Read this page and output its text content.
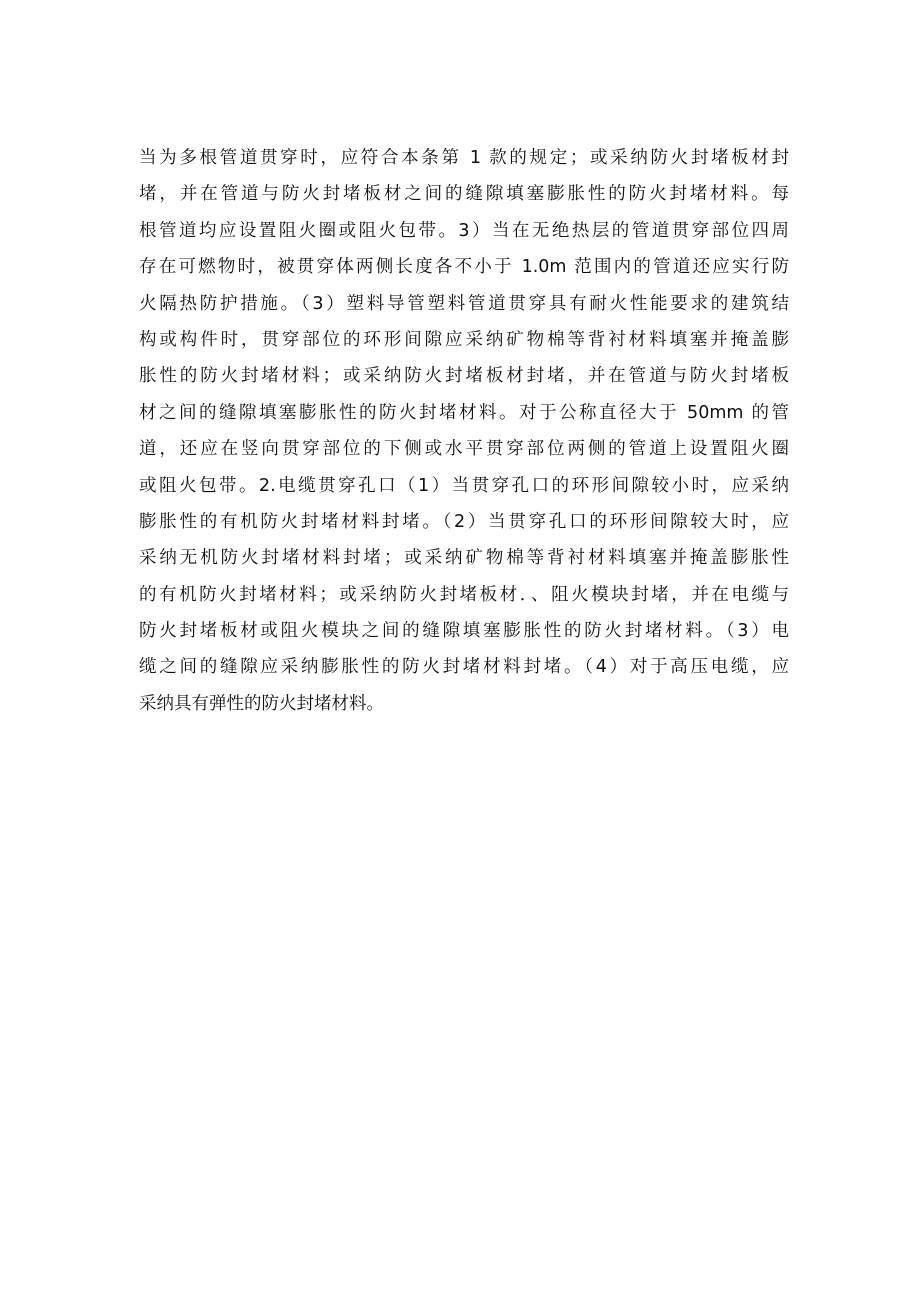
当为多根管道贯穿时，应符合本条第 1 款的规定；或采纳防火封堵板材封
堵，并在管道与防火封堵板材之间的缝隙填塞膨胀性的防火封堵材料。每
根管道均应设置阻火圈或阻火包带。3）当在无绝热层的管道贯穿部位四周
存在可燃物时，被贯穿体两侧长度各不小于 1.0m 范围内的管道还应实行防
火隔热防护措施。（3）塑料导管塑料管道贯穿具有耐火性能要求的建筑结
构或构件时，贯穿部位的环形间隙应采纳矿物棉等背衬材料填塞并掩盖膨
胀性的防火封堵材料；或采纳防火封堵板材封堵，并在管道与防火封堵板
材之间的缝隙填塞膨胀性的防火封堵材料。对于公称直径大于 50mm 的管
道，还应在竖向贯穿部位的下侧或水平贯穿部位两侧的管道上设置阻火圈
或阻火包带。2.电缆贯穿孔口（1）当贯穿孔口的环形间隙较小时，应采纳
膨胀性的有机防火封堵材料封堵。（2）当贯穿孔口的环形间隙较大时，应
采纳无机防火封堵材料封堵；或采纳矿物棉等背衬材料填塞并掩盖膨胀性
的有机防火封堵材料；或采纳防火封堵板材．、阻火模块封堵，并在电缆与
防火封堵板材或阻火模块之间的缝隙填塞膨胀性的防火封堵材料。（3）电
缆之间的缝隙应采纳膨胀性的防火封堵材料封堵。（4）对于高压电缆，应
采纳具有弹性的防火封堵材料。
